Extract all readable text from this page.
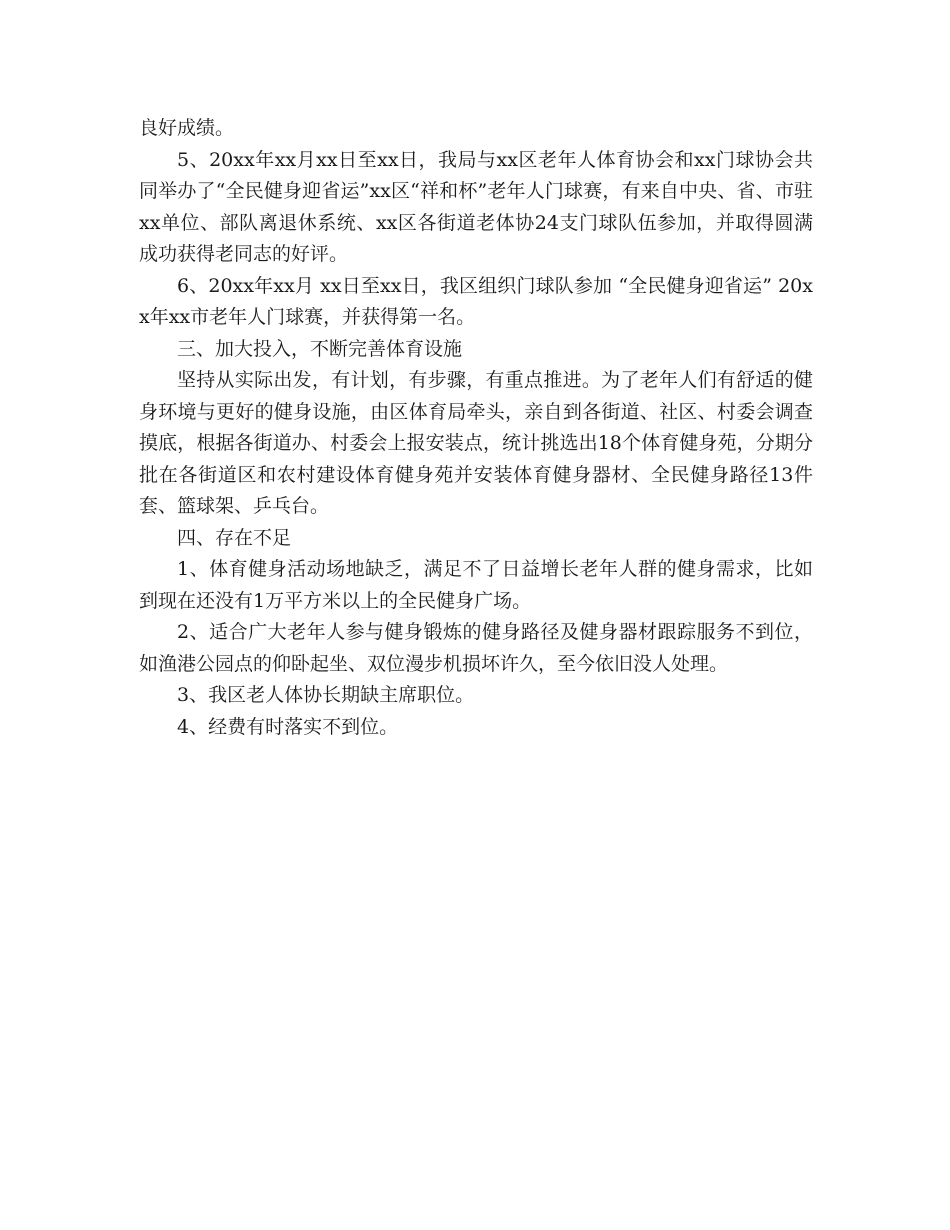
良好成绩。

5、20xx年xx月xx日至xx日，我局与xx区老年人体育协会和xx门球协会共同举办了“全民健身迎省运”xx区“祥和杯”老年人门球赛，有来自中央、省、市驻xx单位、部队离退休系统、xx区各街道老体协24支门球队伍参加，并取得圆满成功获得老同志的好评。

6、20xx年xx月 xx日至xx日，我区组织门球队参加 “全民健身迎省运” 20xx年xx市老年人门球赛，并获得第一名。

三、加大投入，不断完善体育设施

坚持从实际出发，有计划，有步骤，有重点推进。为了老年人们有舒适的健身环境与更好的健身设施，由区体育局牵头，亲自到各街道、社区、村委会调查摸底，根据各街道办、村委会上报安装点，统计挑选出18个体育健身苑，分期分批在各街道区和农村建设体育健身苑并安装体育健身器材、全民健身路径13件套、篮球架、乒乓台。

四、存在不足

1、体育健身活动场地缺乏，满足不了日益增长老年人群的健身需求，比如到现在还没有1万平方米以上的全民健身广场。

2、适合广大老年人参与健身锻炼的健身路径及健身器材跟踪服务不到位，如渔港公园点的仰卧起坐、双位漫步机损坏许久，至今依旧没人处理。

3、我区老人体协长期缺主席职位。

4、经费有时落实不到位。
